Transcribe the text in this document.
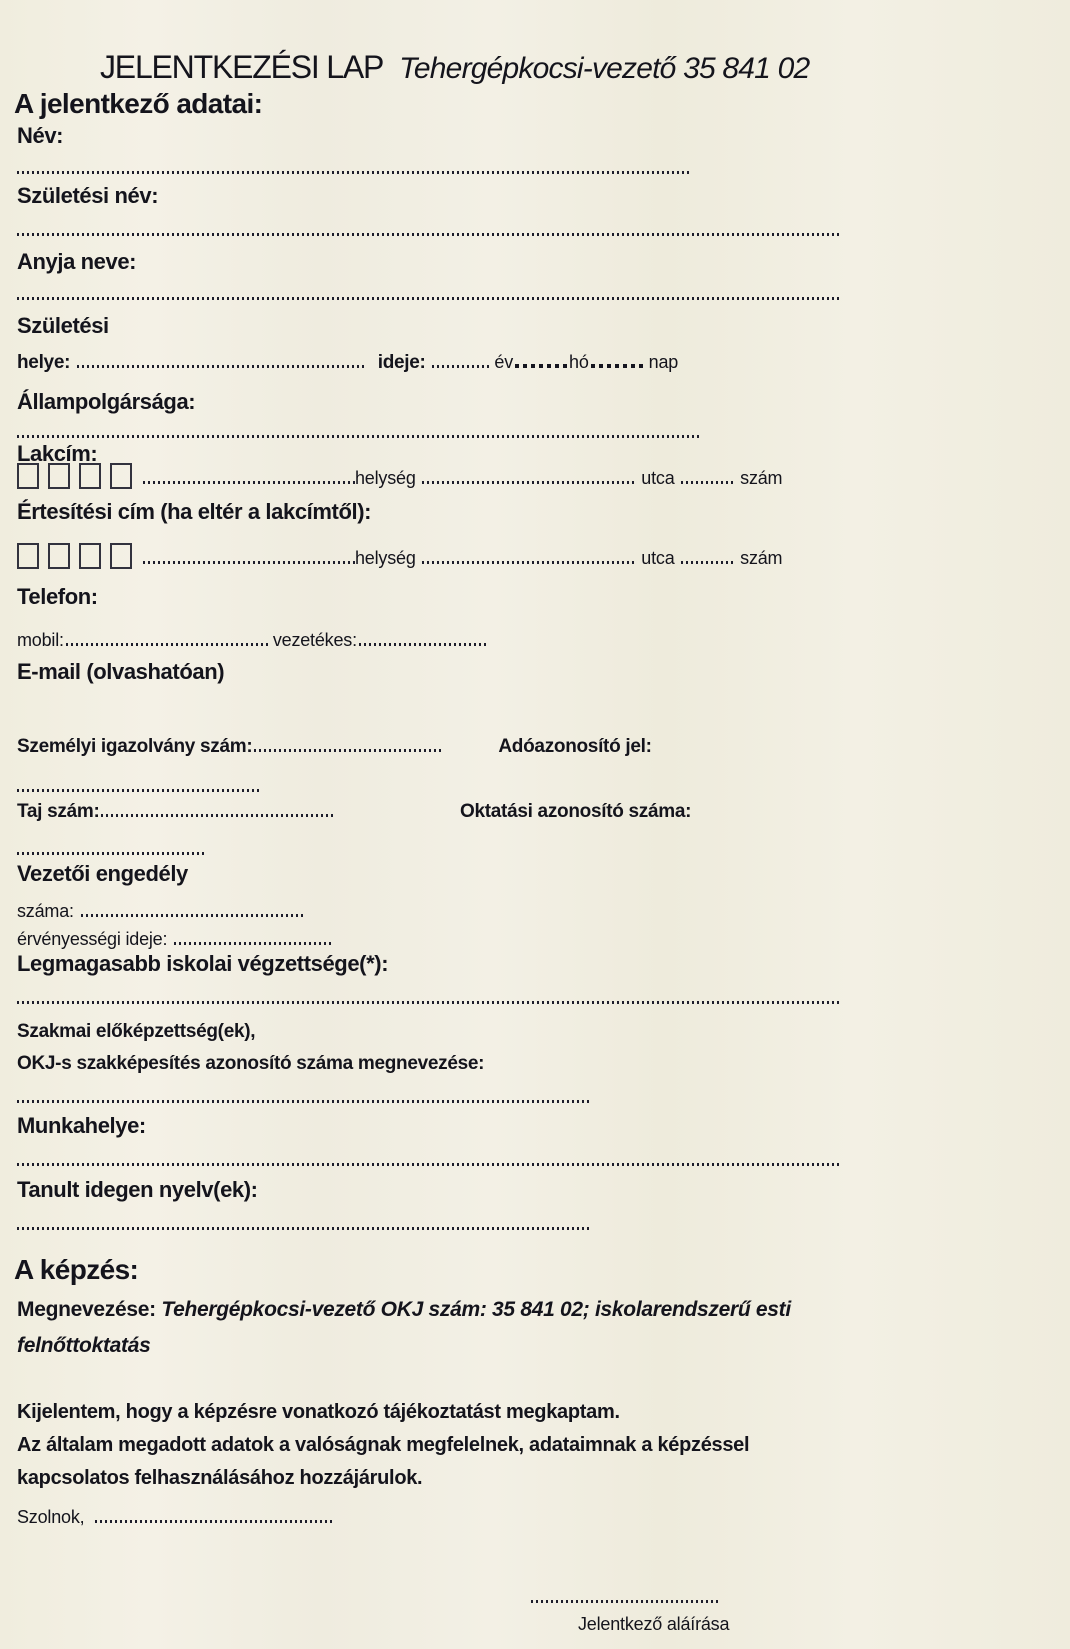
JELENTKEZÉSI LAP Tehergépkocsi-vezető 35 841 02
A jelentkező adatai:
Név:
Születési név:
Anyja neve:
Születési
helye:	ideje:	év	hó	nap
Állampolgársága:
Lakcím:
helység	utca	szám
Értesítési cím (ha eltér a lakcímtől):
helység	utca	szám
Telefon:
mobil:	vezetékes:
E-mail (olvashatóan)
Személyi igazolvány szám:	Adóazonosító jel:
Taj szám:	Oktatási azonosító száma:
Vezetői engedély
száma:
érvényességi ideje:
Legmagasabb iskolai végzettsége(*):
Szakmai előképzettség(ek),
OKJ-s szakképesítés azonosító száma megnevezése:
Munkahelye:
Tanult idegen nyelv(ek):
A képzés:
Megnevezése: Tehergépkocsi-vezető OKJ szám: 35 841 02; iskolarendszerű esti felnőttoktatás
Kijelentem, hogy a képzésre vonatkozó tájékoztatást megkaptam.
Az általam megadott adatok a valóságnak megfelelnek, adataimnak a képzéssel kapcsolatos felhasználásához hozzájárulok.
Szolnok,
Jelentkező aláírása
